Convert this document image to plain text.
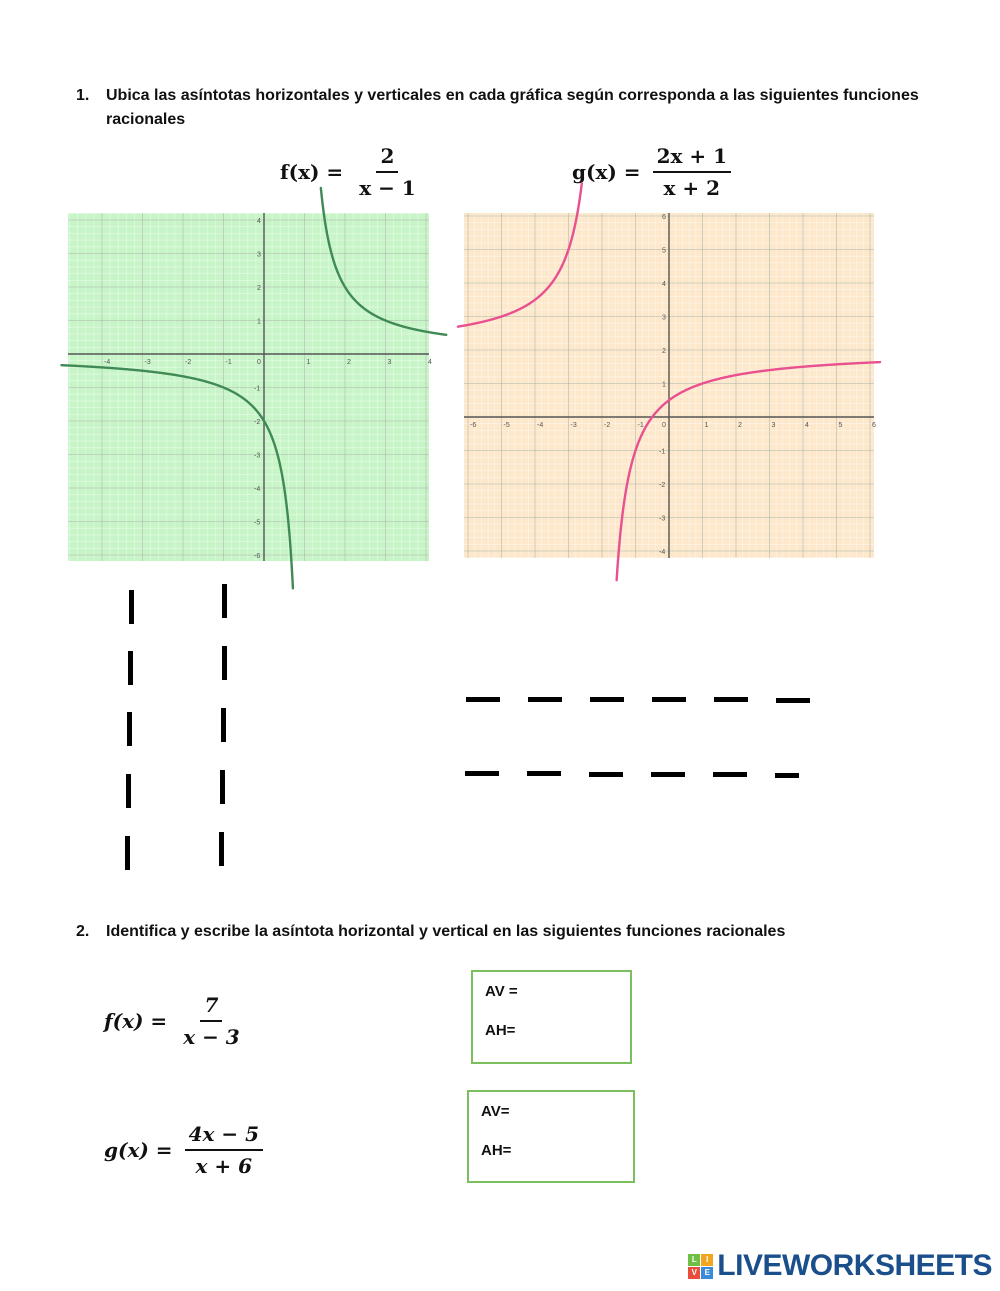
1. Ubica las asíntotas horizontales y verticales en cada gráfica según corresponda a las siguientes funciones
racionales
$f(x) = \frac{2}{x - 1}$	$g(x) = \frac{2x + 1}{x + 2}$
-4	-3	-2	-1	0	1	2	3	4
4
3
2
1
-1
-2
-3
-4
-5
-6
-6	-5	-4	-3	-2	-1	0	1	2	3	4	5	6
6
5
4
3
2
1
-1
-2
-3
-4
2. Identifica y escribe la asíntota horizontal y vertical en las siguientes funciones racionales
$f(x) = \frac{7}{x - 3}$
$g(x) = \frac{4x - 5}{x + 6}$
AV =
AH=
AV=
AH=
L	I
V E LIVEWORKSHEETS
